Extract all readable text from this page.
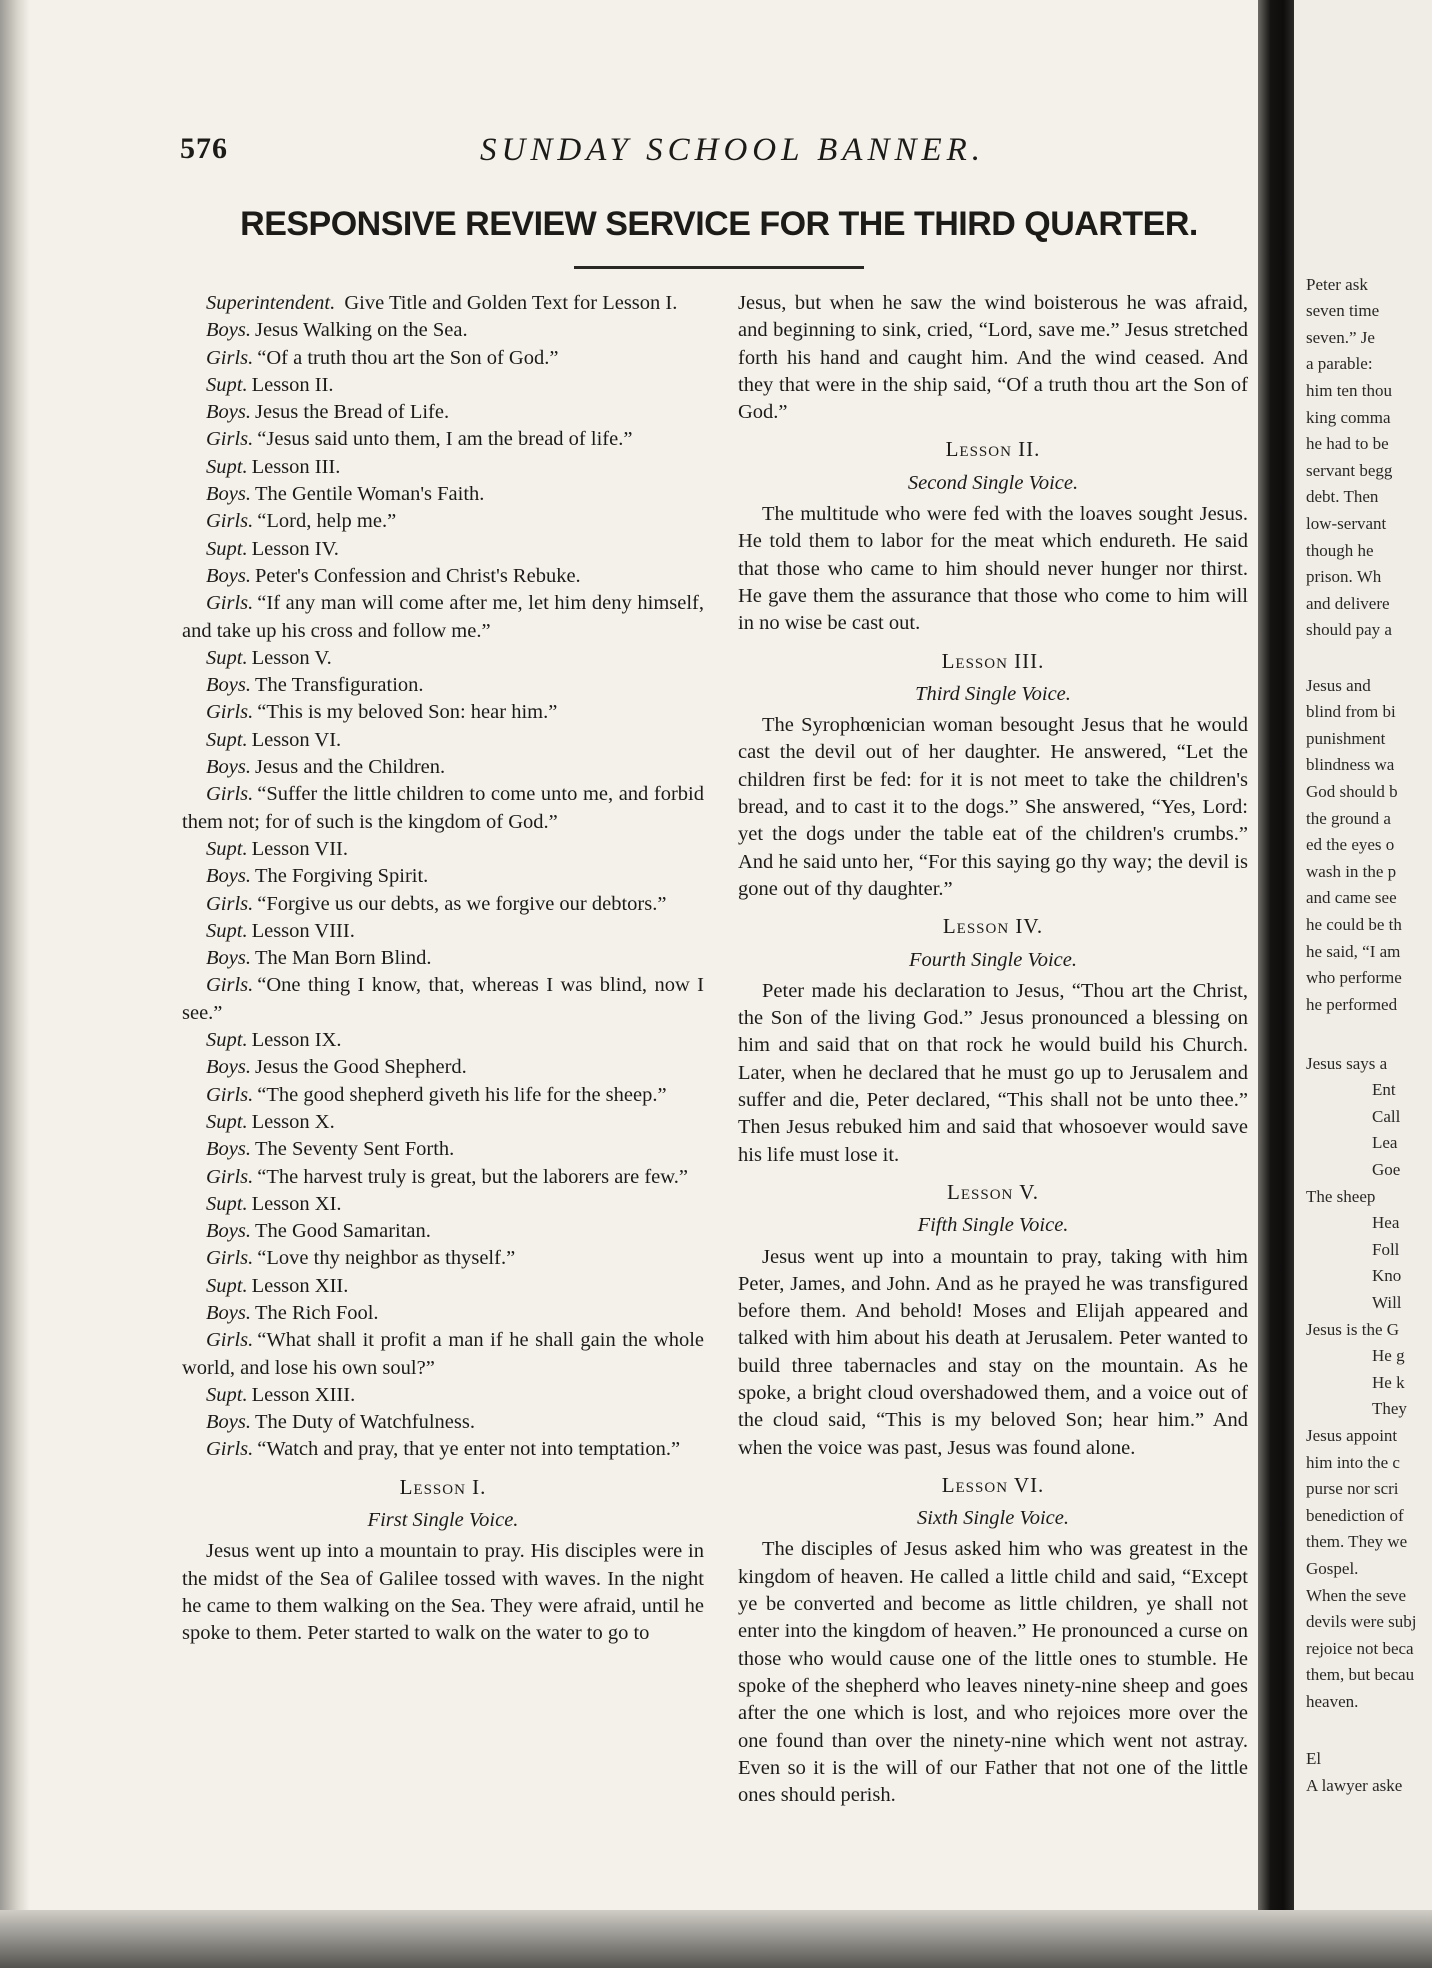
576	SUNDAY SCHOOL BANNER.
RESPONSIVE REVIEW SERVICE FOR THE THIRD QUARTER.

Superintendent. Give Title and Golden Text for Lesson I.

Boys. Jesus Walking on the Sea.

Girls. “Of a truth thou art the Son of God.”

Supt. Lesson II.

Boys. Jesus the Bread of Life.

Girls. “Jesus said unto them, I am the bread of life.”

Supt. Lesson III.

Boys. The Gentile Woman's Faith.

Girls. “Lord, help me.”

Supt. Lesson IV.

Boys. Peter's Confession and Christ's Rebuke.

Girls. “If any man will come after me, let him deny himself, and take up his cross and follow me.”

Supt. Lesson V.

Boys. The Transfiguration.

Girls. “This is my beloved Son: hear him.”

Supt. Lesson VI.

Boys. Jesus and the Children.

Girls. “Suffer the little children to come unto me, and forbid them not; for of such is the kingdom of God.”

Supt. Lesson VII.

Boys. The Forgiving Spirit.

Girls. “Forgive us our debts, as we forgive our debtors.”

Supt. Lesson VIII.

Boys. The Man Born Blind.

Girls. “One thing I know, that, whereas I was blind, now I see.”

Supt. Lesson IX.

Boys. Jesus the Good Shepherd.

Girls. “The good shepherd giveth his life for the sheep.”

Supt. Lesson X.

Boys. The Seventy Sent Forth.

Girls. “The harvest truly is great, but the laborers are few.”

Supt. Lesson XI.

Boys. The Good Samaritan.

Girls. “Love thy neighbor as thyself.”

Supt. Lesson XII.

Boys. The Rich Fool.

Girls. “What shall it profit a man if he shall gain the whole world, and lose his own soul?”

Supt. Lesson XIII.

Boys. The Duty of Watchfulness.

Girls. “Watch and pray, that ye enter not into temptation.”

Lesson I.

First Single Voice.

Jesus went up into a mountain to pray. His disciples were in the midst of the Sea of Galilee tossed with waves. In the night he came to them walking on the Sea. They were afraid, until he spoke to them. Peter started to walk on the water to go to

Jesus, but when he saw the wind boisterous he was afraid, and beginning to sink, cried, “Lord, save me.” Jesus stretched forth his hand and caught him. And the wind ceased. And they that were in the ship said, “Of a truth thou art the Son of God.”

Lesson II.

Second Single Voice.

The multitude who were fed with the loaves sought Jesus. He told them to labor for the meat which endureth. He said that those who came to him should never hunger nor thirst. He gave them the assurance that those who come to him will in no wise be cast out.

Lesson III.

Third Single Voice.

The Syrophœnician woman besought Jesus that he would cast the devil out of her daughter. He answered, “Let the children first be fed: for it is not meet to take the children's bread, and to cast it to the dogs.” She answered, “Yes, Lord: yet the dogs under the table eat of the children's crumbs.” And he said unto her, “For this saying go thy way; the devil is gone out of thy daughter.”

Lesson IV.

Fourth Single Voice.

Peter made his declaration to Jesus, “Thou art the Christ, the Son of the living God.” Jesus pronounced a blessing on him and said that on that rock he would build his Church. Later, when he declared that he must go up to Jerusalem and suffer and die, Peter declared, “This shall not be unto thee.” Then Jesus rebuked him and said that whosoever would save his life must lose it.

Lesson V.

Fifth Single Voice.

Jesus went up into a mountain to pray, taking with him Peter, James, and John. And as he prayed he was transfigured before them. And behold! Moses and Elijah appeared and talked with him about his death at Jerusalem. Peter wanted to build three tabernacles and stay on the mountain. As he spoke, a bright cloud overshadowed them, and a voice out of the cloud said, “This is my beloved Son; hear him.” And when the voice was past, Jesus was found alone.

Lesson VI.

Sixth Single Voice.

The disciples of Jesus asked him who was greatest in the kingdom of heaven. He called a little child and said, “Except ye be converted and become as little children, ye shall not enter into the kingdom of heaven.” He pronounced a curse on those who would cause one of the little ones to stumble. He spoke of the shepherd who leaves ninety-nine sheep and goes after the one which is lost, and who rejoices more over the one found than over the ninety-nine which went not astray. Even so it is the will of our Father that not one of the little ones should perish.

Peter ask
seven time
seven.” Je
a parable:
him ten thou
king comma
he had to be
servant begg
debt. Then
low-servant
though he
prison. Wh
and delivere
should pay a
Jesus and
blind from bi
punishment
blindness wa
God should b
the ground a
ed the eyes o
wash in the p
and came see
he could be th
he said, “I am
who performe
he performed
Jesus says a
Ent
Call
Lea
Goe
The sheep
Hea
Foll
Kno
Will
Jesus is the G
He g
He k
They
Jesus appoint
him into the c
purse nor scri
benediction of
them. They we
Gospel.
When the seve
devils were subj
rejoice not beca
them, but becau
heaven.
El
A lawyer aske
